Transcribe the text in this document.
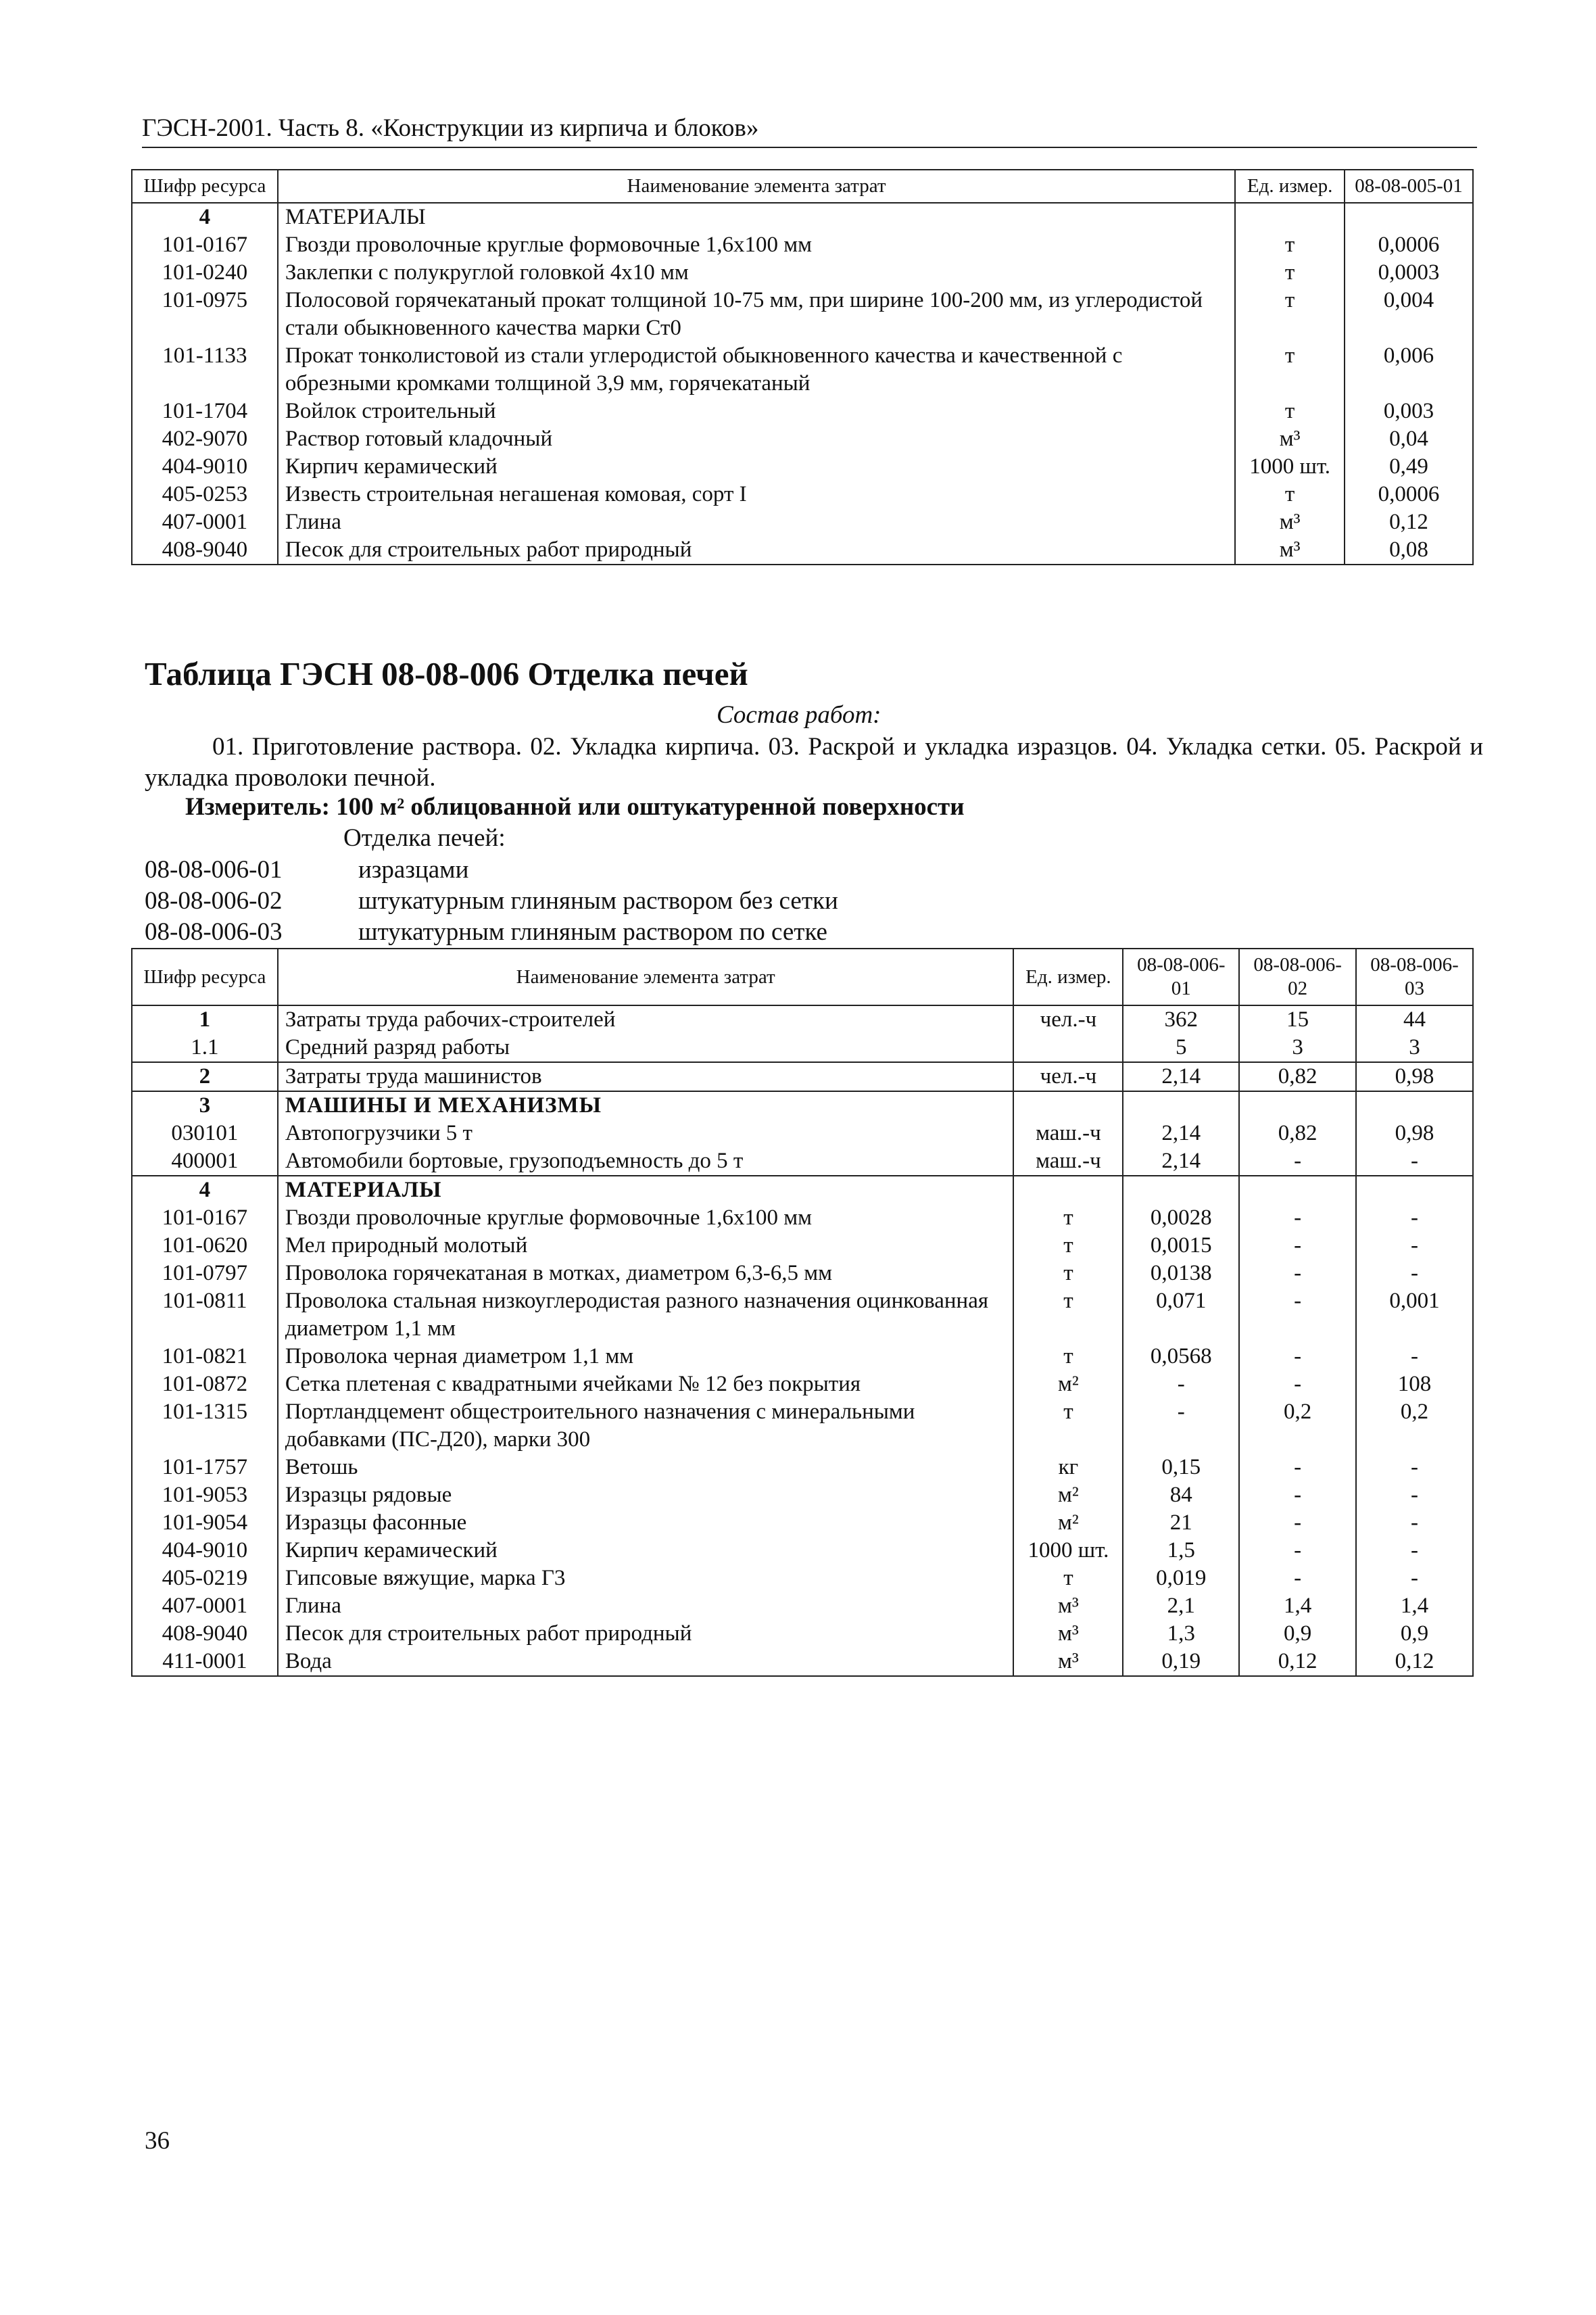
ГЭСН-2001. Часть 8. «Конструкции из кирпича и блоков»
Шифр ресурса	Наименование элемента затрат	Ед. измер.	08-08-005-01
4	МАТЕРИАЛЫ		
101-0167	Гвозди проволочные круглые формовочные 1,6x100 мм	т	0,0006
101-0240	Заклепки с полукруглой головкой 4x10 мм	т	0,0003
101-0975	Полосовой горячекатаный прокат толщиной 10-75 мм, при ширине 100-200 мм, из углеродистой стали обыкновенного качества марки Ст0	т	0,004
101-1133	Прокат тонколистовой из стали углеродистой обыкновенного качества и качественной с обрезными кромками толщиной 3,9 мм, горячекатаный	т	0,006
101-1704	Войлок строительный	т	0,003
402-9070	Раствор готовый кладочный	м³	0,04
404-9010	Кирпич керамический	1000 шт.	0,49
405-0253	Известь строительная негашеная комовая, сорт I	т	0,0006
407-0001	Глина	м³	0,12
408-9040	Песок для строительных работ природный	м³	0,08
Таблица ГЭСН 08-08-006 Отделка печей
Состав работ:
01. Приготовление раствора. 02. Укладка кирпича. 03. Раскрой и укладка изразцов. 04. Укладка сетки. 05. Раскрой и укладка проволоки печной.
Измеритель: 100 м² облицованной или оштукатуренной поверхности
Отделка печей:
08-08-006-01	изразцами
08-08-006-02	штукатурным глиняным раствором без сетки
08-08-006-03	штукатурным глиняным раствором по сетке
Шифр ресурса	Наименование элемента затрат	Ед. измер.	08-08-006-01	08-08-006-02	08-08-006-03
1	Затраты труда рабочих-строителей	чел.-ч	362	15	44
1.1	Средний разряд работы		5	3	3
2	Затраты труда машинистов	чел.-ч	2,14	0,82	0,98
3	МАШИНЫ И МЕХАНИЗМЫ				
030101	Автопогрузчики 5 т	маш.-ч	2,14	0,82	0,98
400001	Автомобили бортовые, грузоподъемность до 5 т	маш.-ч	2,14	-	-
4	МАТЕРИАЛЫ				
101-0167	Гвозди проволочные круглые формовочные 1,6x100 мм	т	0,0028	-	-
101-0620	Мел природный молотый	т	0,0015	-	-
101-0797	Проволока горячекатаная в мотках, диаметром 6,3-6,5 мм	т	0,0138	-	-
101-0811	Проволока стальная низкоуглеродистая разного назначения оцинкованная диаметром 1,1 мм	т	0,071	-	0,001
101-0821	Проволока черная диаметром 1,1 мм	т	0,0568	-	-
101-0872	Сетка плетеная с квадратными ячейками № 12 без покрытия	м²	-	-	108
101-1315	Портландцемент общестроительного назначения с минеральными добавками (ПС-Д20), марки 300	т	-	0,2	0,2
101-1757	Ветошь	кг	0,15	-	-
101-9053	Изразцы рядовые	м²	84	-	-
101-9054	Изразцы фасонные	м²	21	-	-
404-9010	Кирпич керамический	1000 шт.	1,5	-	-
405-0219	Гипсовые вяжущие, марка Г3	т	0,019	-	-
407-0001	Глина	м³	2,1	1,4	1,4
408-9040	Песок для строительных работ природный	м³	1,3	0,9	0,9
411-0001	Вода	м³	0,19	0,12	0,12
36
